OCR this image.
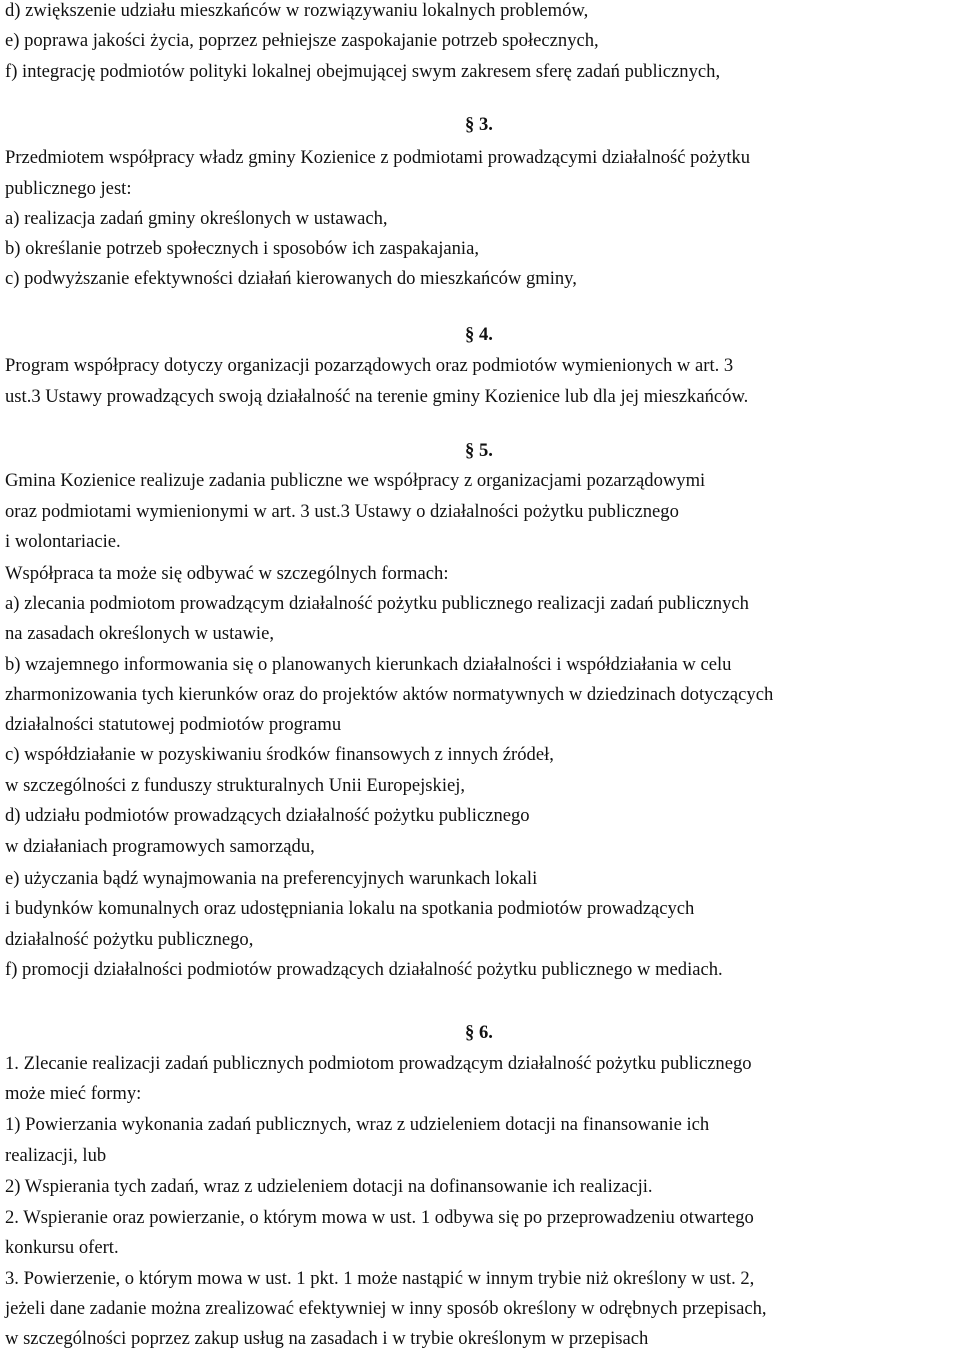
d) zwiększenie udziału mieszkańców w rozwiązywaniu lokalnych problemów,
e) poprawa jakości życia, poprzez pełniejsze zaspokajanie potrzeb społecznych,
f) integrację podmiotów polityki lokalnej obejmującej swym zakresem sferę zadań publicznych,
§ 3.
Przedmiotem współpracy władz gminy Kozienice z podmiotami prowadzącymi działalność pożytku
publicznego jest:
a) realizacja zadań gminy określonych w ustawach,
b) określanie potrzeb społecznych i sposobów ich zaspakajania,
c) podwyższanie efektywności działań kierowanych do mieszkańców gminy,
§ 4.
Program współpracy dotyczy organizacji pozarządowych oraz podmiotów wymienionych w art. 3
ust.3 Ustawy prowadzących swoją działalność na terenie gminy Kozienice lub dla jej mieszkańców.
§ 5.
Gmina Kozienice realizuje zadania publiczne we współpracy z organizacjami pozarządowymi
oraz podmiotami wymienionymi w art. 3 ust.3 Ustawy o działalności pożytku publicznego
i wolontariacie.
Współpraca ta może się odbywać w szczególnych formach:
a) zlecania podmiotom prowadzącym działalność pożytku publicznego realizacji zadań publicznych
na zasadach określonych w ustawie,
b) wzajemnego informowania się o planowanych kierunkach działalności i współdziałania w celu
zharmonizowania tych kierunków oraz do projektów aktów normatywnych w dziedzinach dotyczących
działalności statutowej podmiotów programu
c) współdziałanie w pozyskiwaniu środków finansowych z innych źródeł,
w szczególności z funduszy strukturalnych Unii Europejskiej,
d) udziału podmiotów prowadzących działalność pożytku publicznego
w działaniach programowych samorządu,
e) użyczania bądź wynajmowania na preferencyjnych warunkach lokali
i budynków komunalnych oraz udostępniania lokalu na spotkania podmiotów prowadzących
działalność pożytku publicznego,
f) promocji działalności podmiotów prowadzących działalność pożytku publicznego w mediach.
§ 6.
1. Zlecanie realizacji zadań publicznych podmiotom prowadzącym działalność pożytku publicznego
może mieć formy:
1) Powierzania wykonania zadań publicznych, wraz z udzieleniem dotacji na finansowanie ich
realizacji, lub
2) Wspierania tych zadań, wraz z udzieleniem dotacji na dofinansowanie ich realizacji.
2. Wspieranie oraz powierzanie, o którym mowa w ust. 1 odbywa się po przeprowadzeniu otwartego
konkursu ofert.
3. Powierzenie, o którym mowa w ust. 1 pkt. 1 może nastąpić w innym trybie niż określony w ust. 2,
jeżeli dane zadanie można zrealizować efektywniej w inny sposób określony w odrębnych przepisach,
w szczególności poprzez zakup usług na zasadach i w trybie określonym w przepisach
